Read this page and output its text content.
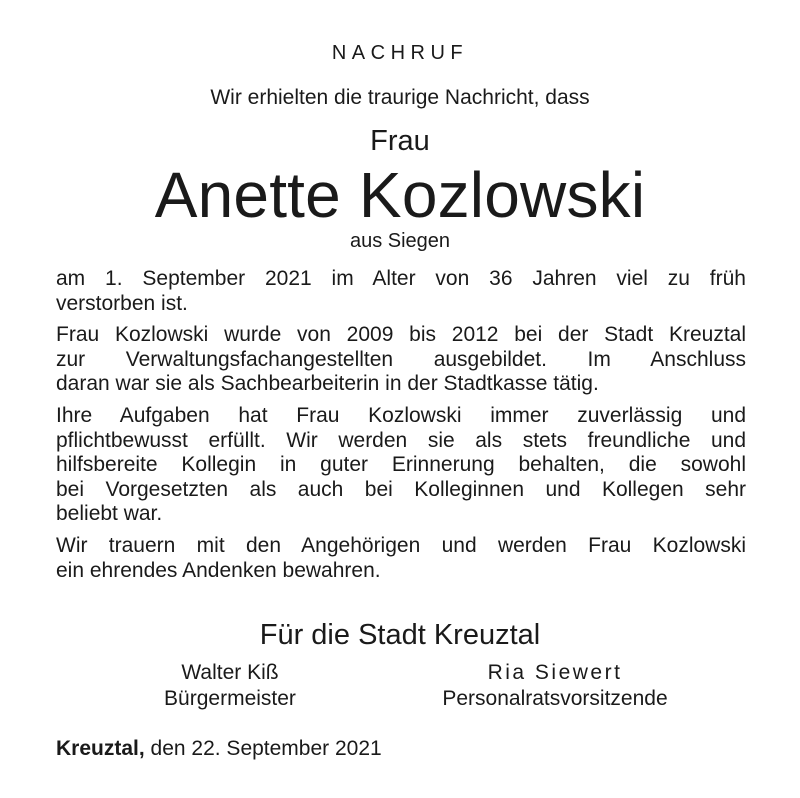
NACHRUF
Wir erhielten die traurige Nachricht, dass
Frau
Anette Kozlowski
aus Siegen
am 1. September 2021 im Alter von 36 Jahren viel zu früh
verstorben ist.
Frau Kozlowski wurde von 2009 bis 2012 bei der Stadt Kreuztal
zur Verwaltungsfachangestellten ausgebildet. Im Anschluss
daran war sie als Sachbearbeiterin in der Stadtkasse tätig.
Ihre Aufgaben hat Frau Kozlowski immer zuverlässig und
pflichtbewusst erfüllt. Wir werden sie als stets freundliche und
hilfsbereite Kollegin in guter Erinnerung behalten, die sowohl
bei Vorgesetzten als auch bei Kolleginnen und Kollegen sehr
beliebt war.
Wir trauern mit den Angehörigen und werden Frau Kozlowski
ein ehrendes Andenken bewahren.
Für die Stadt Kreuztal
Walter Kiß
Bürgermeister
Ria Siewert
Personalratsvorsitzende
Kreuztal, den 22. September 2021
